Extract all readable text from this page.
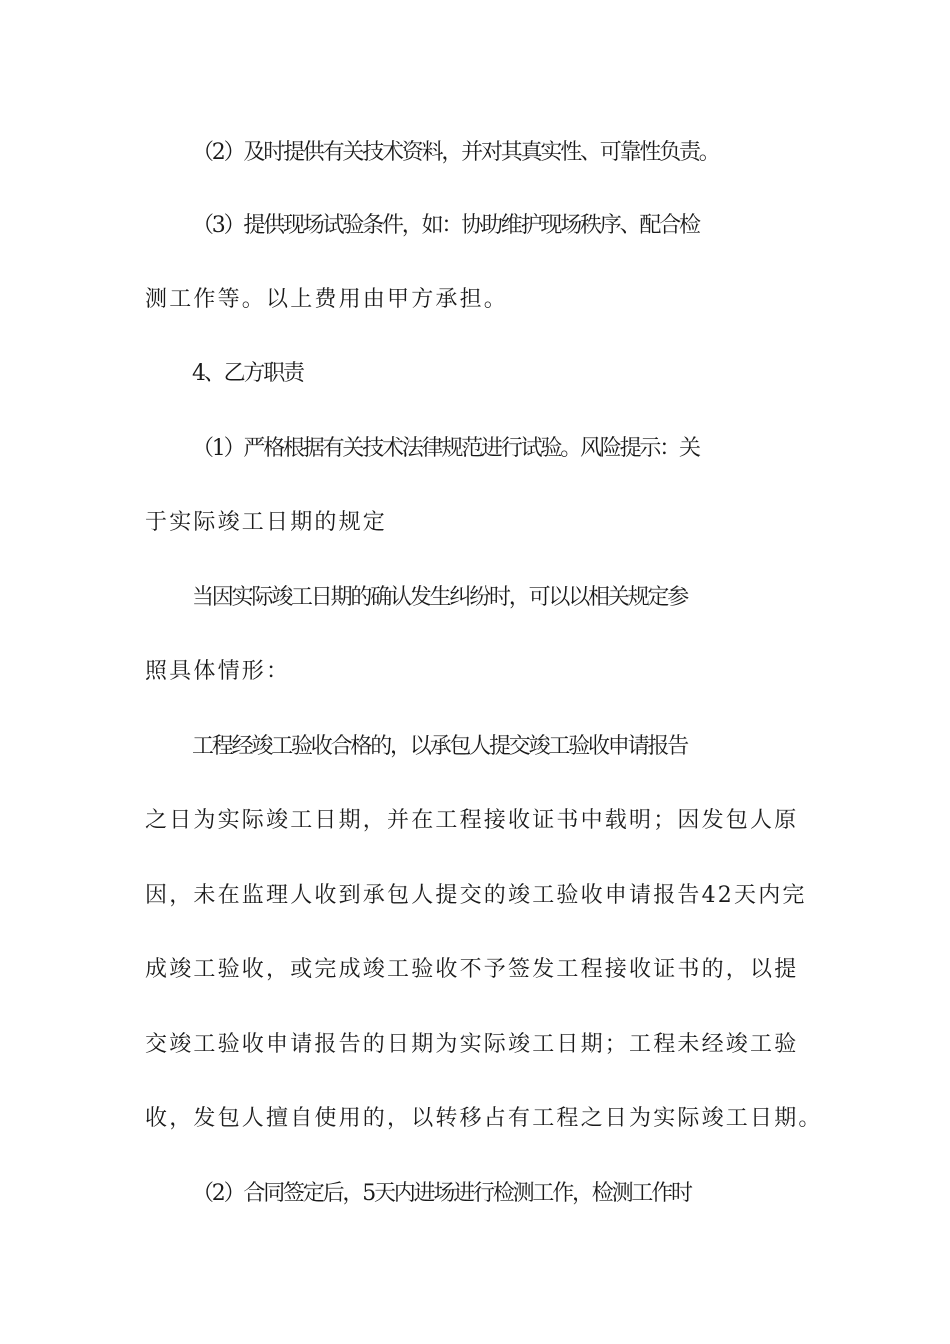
（2）及时提供有关技术资料，并对其真实性、可靠性负责。

（3）提供现场试验条件，如：协助维护现场秩序、配合检

测工作等。以上费用由甲方承担。

4、乙方职责

（1）严格根据有关技术法律规范进行试验。风险提示：关

于实际竣工日期的规定

当因实际竣工日期的确认发生纠纷时，可以以相关规定参

照具体情形：

工程经竣工验收合格的，以承包人提交竣工验收申请报告

之日为实际竣工日期，并在工程接收证书中载明；因发包人原

因，未在监理人收到承包人提交的竣工验收申请报告42天内完

成竣工验收，或完成竣工验收不予签发工程接收证书的，以提

交竣工验收申请报告的日期为实际竣工日期；工程未经竣工验

收，发包人擅自使用的，以转移占有工程之日为实际竣工日期。

（2）合同签定后，5天内进场进行检测工作，检测工作时
